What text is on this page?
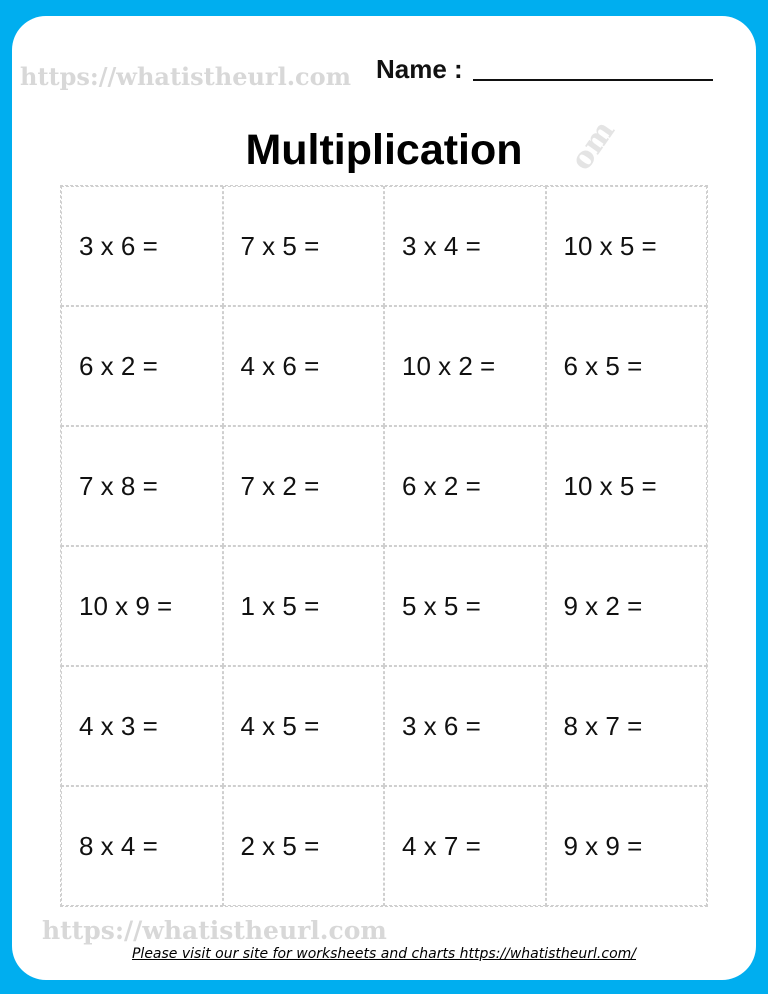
https://whatistheurl.com
om
Name :
Multiplication
3 x 6 =	7 x 5 =	3 x 4 =	10 x 5 =
6 x 2 =	4 x 6 =	10 x 2 =	6 x 5 =
7 x 8 =	7 x 2 =	6 x 2 =	10 x 5 =
10 x 9 =	1 x 5 =	5 x 5 =	9 x 2 =
4 x 3 =	4 x 5 =	3 x 6 =	8 x 7 =
8 x 4 =	2 x 5 =	4 x 7 =	9 x 9 =
https://whatistheurl.com
Please visit our site for worksheets and charts https://whatistheurl.com/
